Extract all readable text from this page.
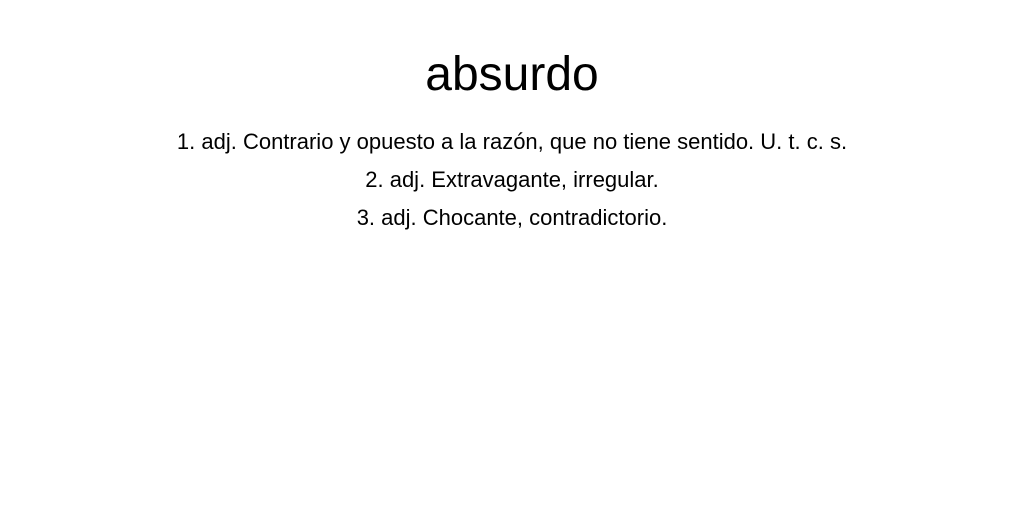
absurdo
1. adj. Contrario y opuesto a la razón, que no tiene sentido. U. t. c. s.
2. adj. Extravagante, irregular.
3. adj. Chocante, contradictorio.
